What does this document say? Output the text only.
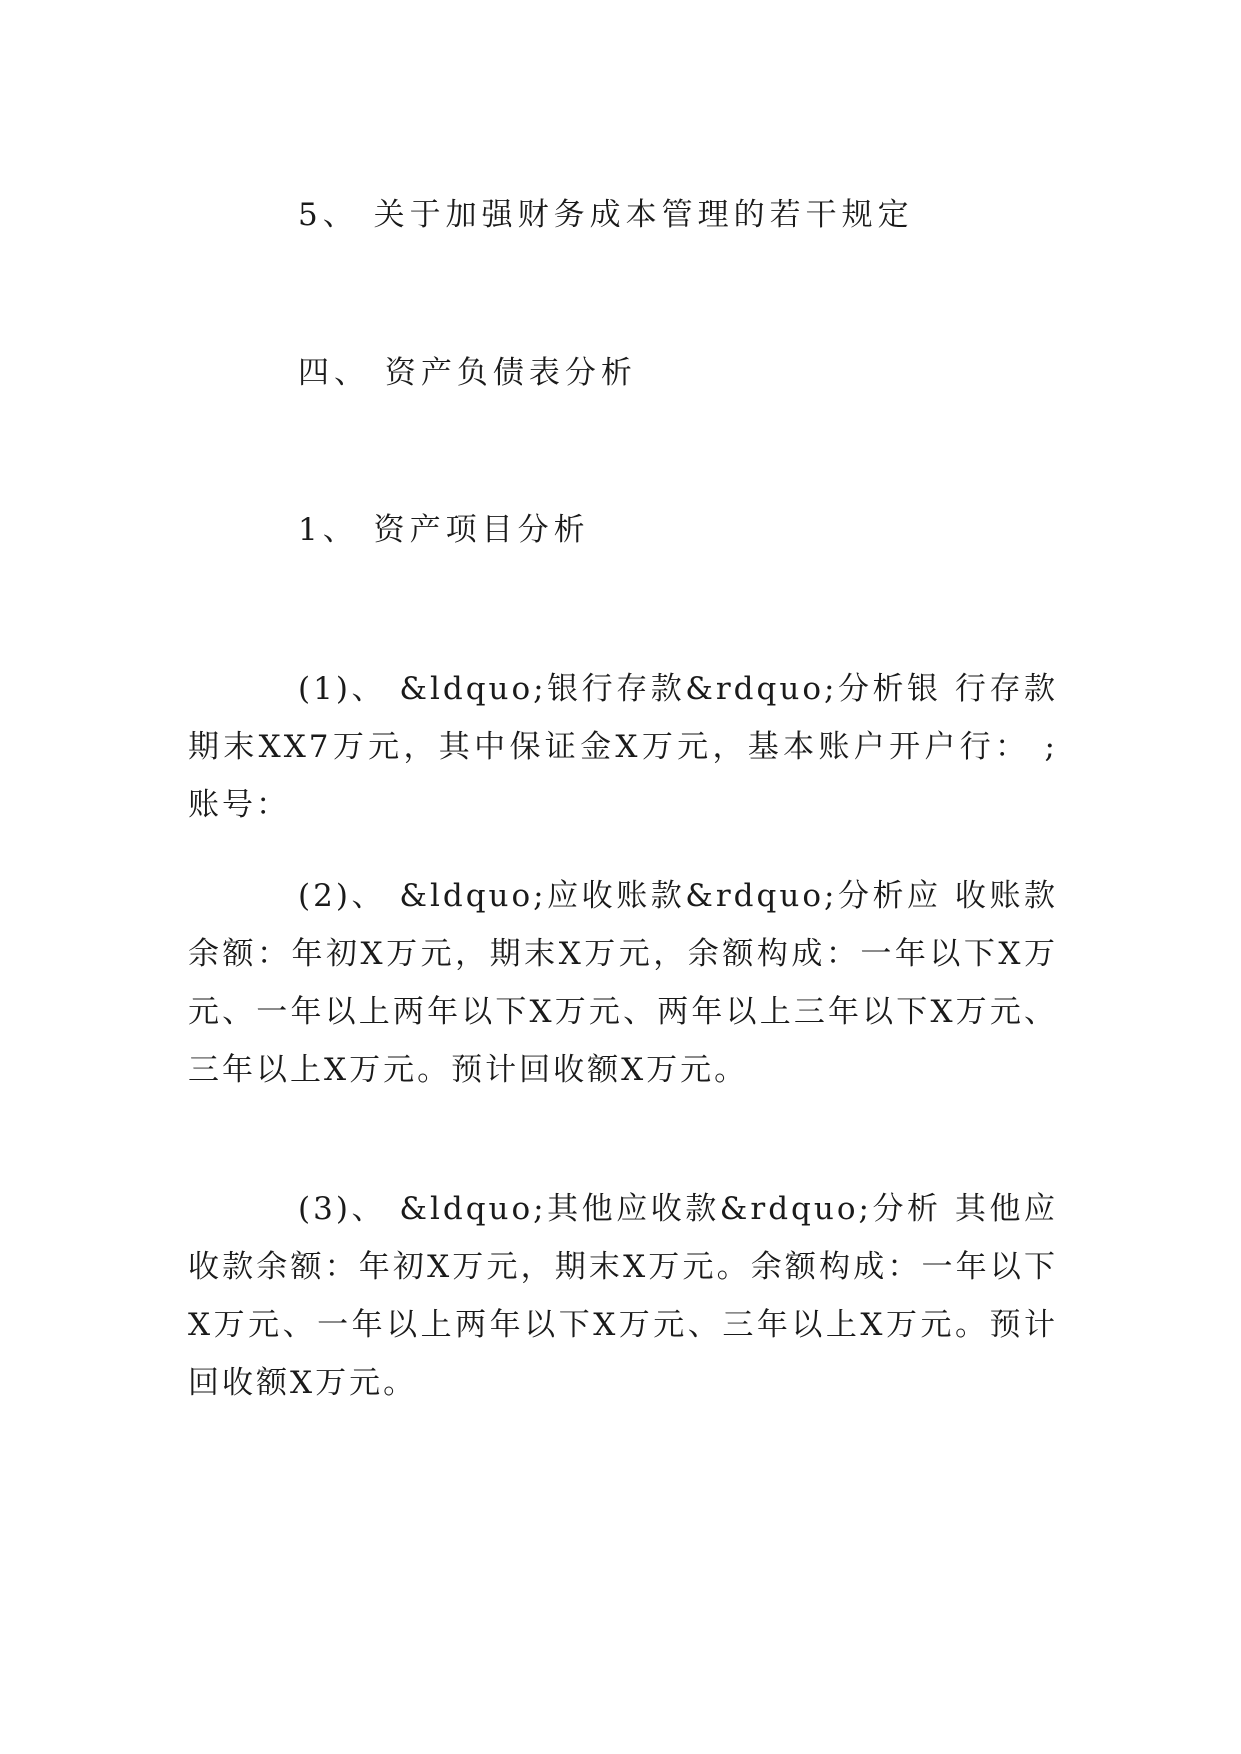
5、 关于加强财务成本管理的若干规定
四、 资产负债表分析
1、 资产项目分析
(1)、 &ldquo;银行存款&rdquo;分析银 行存款期末XX7万元，其中保证金X万元，基本账户开户行： ;账号：
(2)、 &ldquo;应收账款&rdquo;分析应 收账款余额：年初X万元，期末X万元，余额构成：一年以下X万元、一年以上两年以下X万元、两年以上三年以下X万元、三年以上X万元。预计回收额X万元。
(3)、 &ldquo;其他应收款&rdquo;分析 其他应收款余额：年初X万元，期末X万元。余额构成：一年以下X万元、一年以上两年以下X万元、三年以上X万元。预计回收额X万元。
